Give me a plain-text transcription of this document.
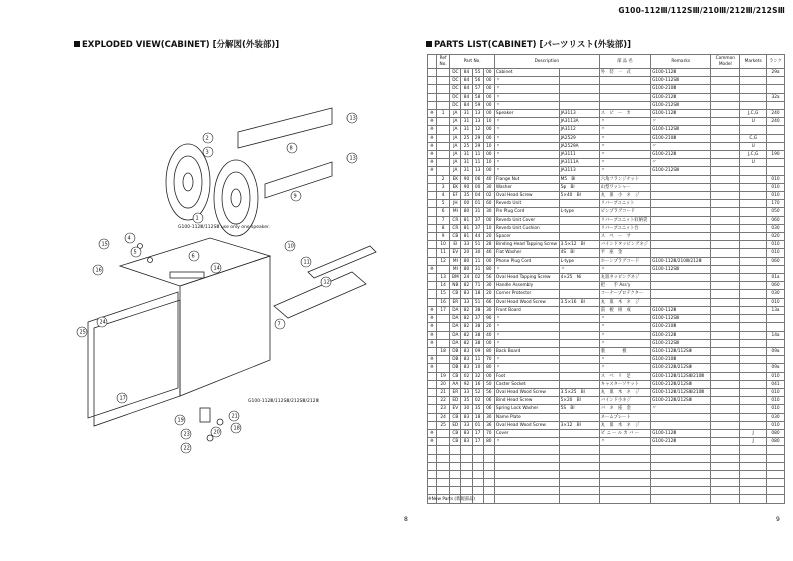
G100-112Ⅲ/112SⅢ/210Ⅲ/212Ⅲ/212SⅢ
EXPLODED VIEW(CABINET) [分解図(外装部)]	PARTS LIST(CABINET) [パーツリスト(外装部)]
G100-112Ⅲ/112SⅢ use only one speaker.
G100-112Ⅲ/112SⅢ/212SⅢ/212Ⅲ
13
8
13
9
2
3
1
15
4
5
16
6
14
10
11
7
12
25
24
17
19
23
22
20
21
18
8	9
	Ref No.	Part No.				Description		部 品 名	Remarks	Common Model	Markets	ランク
		DC	84	55	00	Cabinet		外　装　一　式	G100-112Ⅲ			29a
		DC	84	56	00	〃			G100-112SⅢ			
		DC	84	57	00	〃			G100-210Ⅲ			
		DC	84	58	00	〃			G100-212Ⅲ			32a
		DC	84	59	00	〃			G100-212SⅢ			
※	1	JA	31	13	00	Speaker	JA3113	ス　ピ　ー　カ	G100-112Ⅲ		J,C,G	240
※		JA	31	13	10	〃	JA3113A	〃	〃		U	240
※		JA	31	12	00	〃	JA3112	〃	G100-112SⅢ			
※		JA	25	29	00	〃	JA2529	〃	G100-210Ⅲ		C,G	
※		JA	25	29	10	〃	JA2529A	〃	〃		U	
※		JA	31	11	00	〃	JA3111	〃	G100-212Ⅲ		J,C,G	190
※		JA	31	11	10	〃	JA3111A	〃	〃		U	
※		JA	31	13	00	〃	JA3113	〃	G100-212SⅢ			
	2	EK	90	06	40	Flange Nut	M5　Bl	六角フランジナット				010
	3	EK	90	00	30	Washer	5φ　Bl	山型ワッシャー				010
	4	EF	35	04	02	Oval Head Screw	5×40　Bl	丸　皿　小　ネ　ジ				010
	5	JH	00	01	60	Reverb Unit		リバーブユニット				170
	6	MI	80	31	30	Pin Plug Cord	L-type	ピンプラグコード				050
	7	CR	81	37	00	Reverb Unit Cover		リバーブユニット収納袋				060
	8	CR	81	37	10	Reverb Unit Cushion		リバーブユニット台				030
	9	CB	81	44	20	Spacer		ス　ペ　ー　サ				020
	10	EI	33	51	28	Binding Head Tapping Screw	3.5×12　Bl	バインドタッピングネジ				010
	11	EV	20	30	46	Flat Washer	4S　Bl	平　座　金				010
	12	MI	80	11	00	Phone Plug Cord	L-type	ホーンプラグコード	G100-112Ⅲ/210Ⅲ/212Ⅲ			060
※		MI	80	31	80	〃	〃	〃	G100-112SⅢ			
	13	BM	24	02	56	Oval Head Tapping Screw	4×25　Ni	丸皿タッピングネジ				01a
	14	NB	82	71	30	Handle Assembly		把　　手 Ass'y				060
	15	CB	83	18	20	Corner Protector		コーナープロテクター				030
	16	ER	33	51	66	Oval Head Wood Screw	3.5×16　Bl	丸　皿　木　ネ　ジ				010
※	17	DA	82	38	30	Front Board		前　板　組　成	G100-112Ⅲ			13a
※		DA	82	37	90	〃		〃	G100-112SⅢ			
※		DA	82	38	20	〃		〃	G100-210Ⅲ			
※		DA	82	38	40	〃		〃	G100-212Ⅲ			14a
※		DA	82	38	00	〃		〃	G100-212SⅢ			
	18	DB	83	09	80	Back Board		裏　　　　板	G100-112Ⅲ/112SⅢ			09a
※		DB	83	11	70	〃		〃	G100-210Ⅲ			
※		DB	83	10	80	〃		〃	G100-212Ⅲ/212SⅢ			09a
	19	CB	02	32	00	Foot		ス　ベ　リ　足	G100-112Ⅲ/112SⅢ/210Ⅲ			010
	20	AA	92	16	50	Caster Socket		キャスターソケット	G100-212Ⅲ/212SⅢ			041
	21	ER	33	52	56	Oval Head Wood Screw	3.5×25　Bl	丸　皿　木　ネ　ジ	G100-112Ⅲ/112SⅢ/210Ⅲ			010
	22	ED	35	02	06	Bind Head Screw	5×20　Bl	バインド小ネジ	G100-212Ⅲ/212SⅢ			010
	23	EV	30	35	06	Spring Lock Washer	5S　Bl	バ　ネ　座　金	〃			010
	24	CB	83	18	30	Name Plate		ネームプレート				030
	25	ED	33	01	36	Oval Head Wood Screw	3×12　Bl	丸　皿　木　ネ　ジ				010
※		CB	83	17	70	Cover		ビ ニ ー ル カ バ ー	G100-112Ⅲ		J	080
※		CB	83	17	80	〃		〃	G100-212Ⅲ		J	080

※New Parts (新規部品)
